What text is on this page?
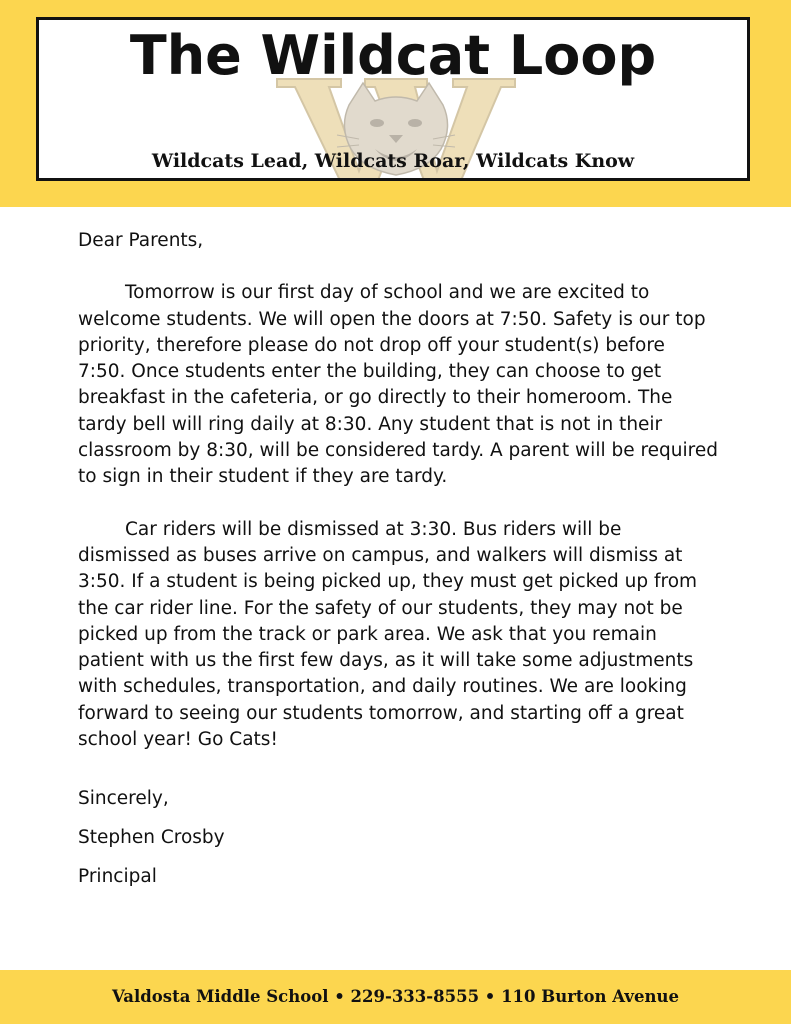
The Wildcat Loop
Wildcats Lead, Wildcats Roar, Wildcats Know

Dear Parents,

Tomorrow is our first day of school and we are excited to welcome students. We will open the doors at 7:50. Safety is our top priority, therefore please do not drop off your student(s) before 7:50. Once students enter the building, they can choose to get breakfast in the cafeteria, or go directly to their homeroom. The tardy bell will ring daily at 8:30. Any student that is not in their classroom by 8:30, will be considered tardy. A parent will be required to sign in their student if they are tardy.

Car riders will be dismissed at 3:30. Bus riders will be dismissed as buses arrive on campus, and walkers will dismiss at 3:50. If a student is being picked up, they must get picked up from the car rider line. For the safety of our students, they may not be picked up from the track or park area. We ask that you remain patient with us the first few days, as it will take some adjustments with schedules, transportation, and daily routines. We are looking forward to seeing our students tomorrow, and starting off a great school year! Go Cats!

Sincerely,

Stephen Crosby

Principal

Valdosta Middle School • 229-333-8555 • 110 Burton Avenue
